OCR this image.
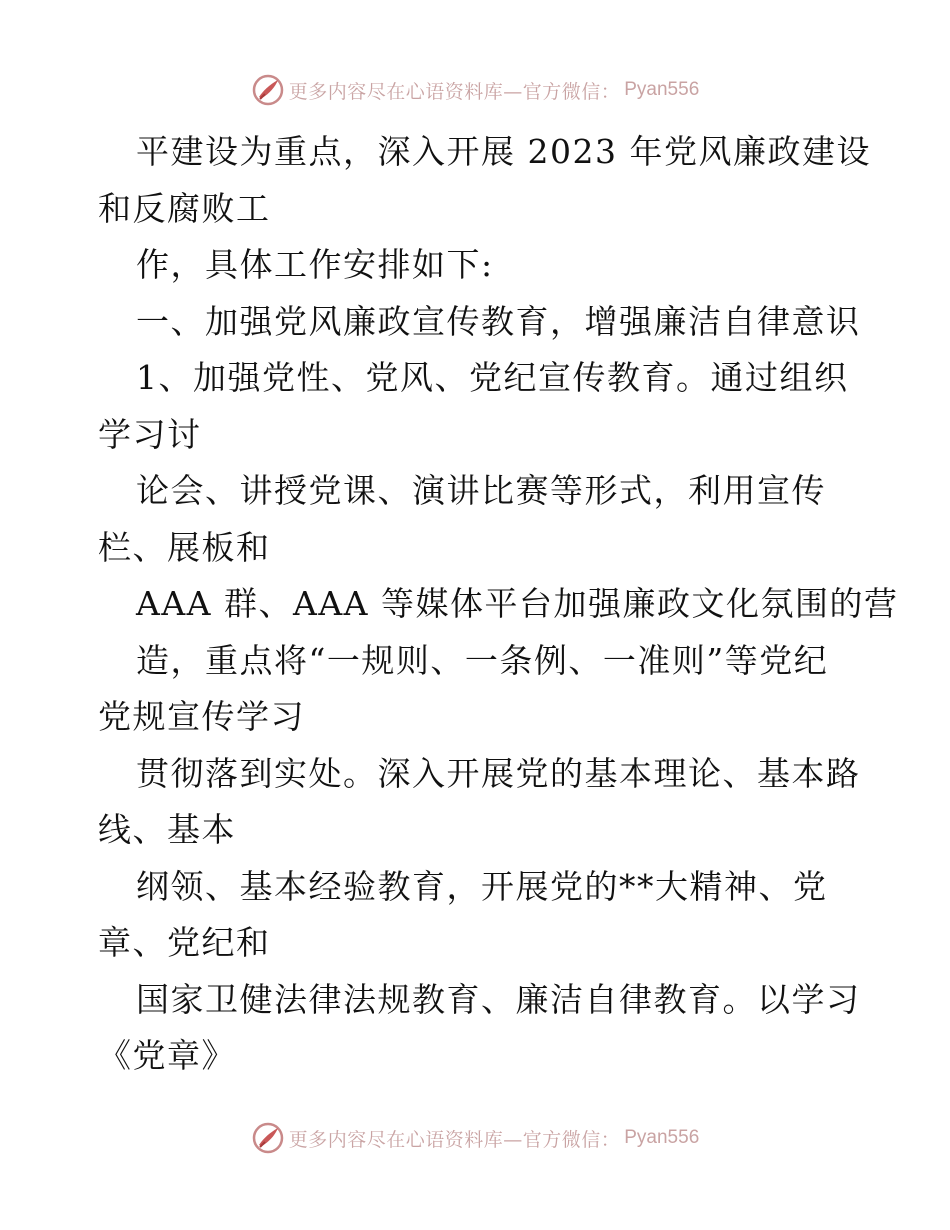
更多内容尽在心语资料库—官方微信： Pyan556
平建设为重点，深入开展 2023 年党风廉政建设
和反腐败工
作，具体工作安排如下:
一、加强党风廉政宣传教育，增强廉洁自律意识
1、加强党性、党风、党纪宣传教育。通过组织
学习讨
论会、讲授党课、演讲比赛等形式，利用宣传
栏、展板和
AAA 群、AAA 等媒体平台加强廉政文化氛围的营
造，重点将“一规则、一条例、一准则”等党纪
党规宣传学习
贯彻落到实处。深入开展党的基本理论、基本路
线、基本
纲领、基本经验教育，开展党的**大精神、党
章、党纪和
国家卫健法律法规教育、廉洁自律教育。以学习
《党章》
更多内容尽在心语资料库—官方微信： Pyan556
